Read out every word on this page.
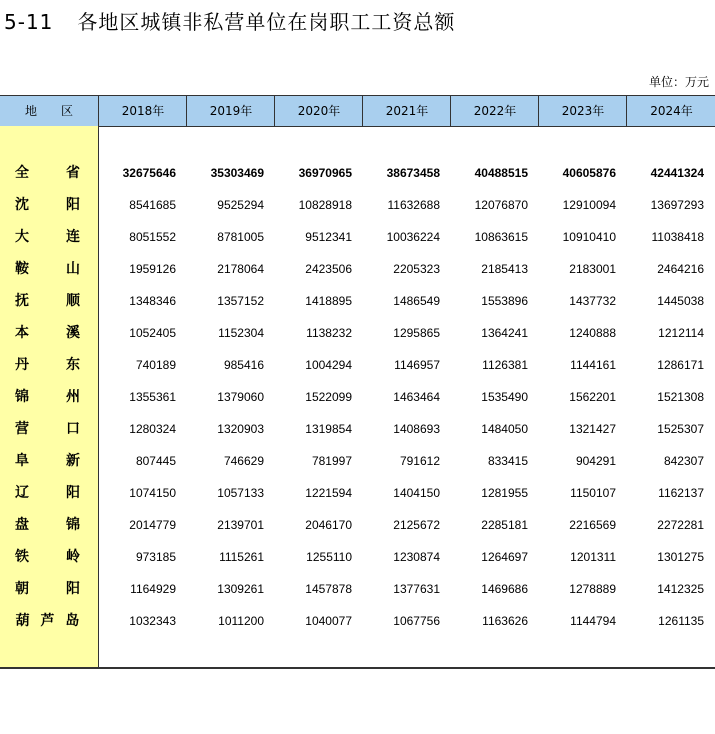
5-11 各地区城镇非私营单位在岗职工工资总额
单位：万元
地　　区	2018年	2019年	2020年	2021年	2022年	2023年	2024年
全　　省	32675646	35303469	36970965	38673458	40488515	40605876	42441324
沈　　阳	8541685	9525294	10828918	11632688	12076870	12910094	13697293
大　　连	8051552	8781005	9512341	10036224	10863615	10910410	11038418
鞍　　山	1959126	2178064	2423506	2205323	2185413	2183001	2464216
抚　　顺	1348346	1357152	1418895	1486549	1553896	1437732	1445038
本　　溪	1052405	1152304	1138232	1295865	1364241	1240888	1212114
丹　　东	740189	985416	1004294	1146957	1126381	1144161	1286171
锦　　州	1355361	1379060	1522099	1463464	1535490	1562201	1521308
营　　口	1280324	1320903	1319854	1408693	1484050	1321427	1525307
阜　　新	807445	746629	781997	791612	833415	904291	842307
辽　　阳	1074150	1057133	1221594	1404150	1281955	1150107	1162137
盘　　锦	2014779	2139701	2046170	2125672	2285181	2216569	2272281
铁　　岭	973185	1115261	1255110	1230874	1264697	1201311	1301275
朝　　阳	1164929	1309261	1457878	1377631	1469686	1278889	1412325
葫 芦 岛	1032343	1011200	1040077	1067756	1163626	1144794	1261135
